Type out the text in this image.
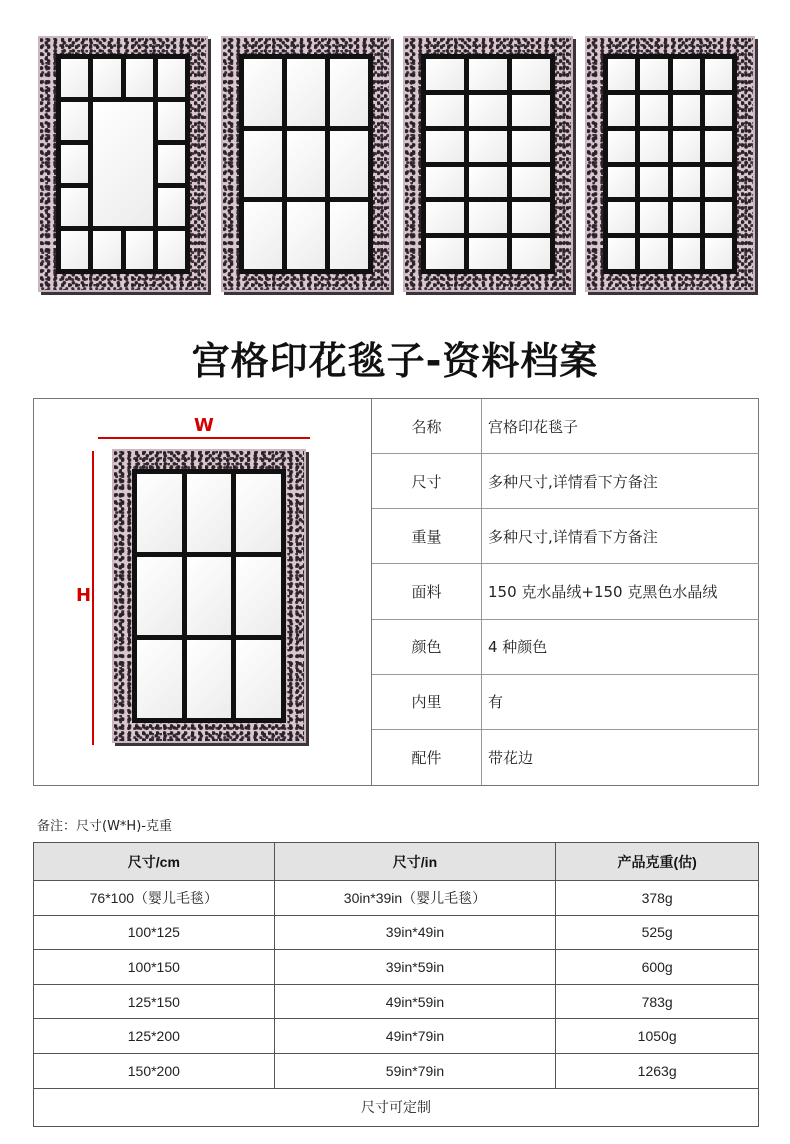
宫格印花毯子-资料档案
W
H
名称	宫格印花毯子
尺寸	多种尺寸,详情看下方备注
重量	多种尺寸,详情看下方备注
面料	150 克水晶绒+150 克黑色水晶绒
颜色	4 种颜色
内里	有
配件	带花边
备注：尺寸(W*H)-克重
尺寸/cm	尺寸/in	产品克重(估)
76*100（婴儿毛毯）	30in*39in（婴儿毛毯）	378g
100*125	39in*49in	525g
100*150	39in*59in	600g
125*150	49in*59in	783g
125*200	49in*79in	1050g
150*200	59in*79in	1263g
尺寸可定制		
